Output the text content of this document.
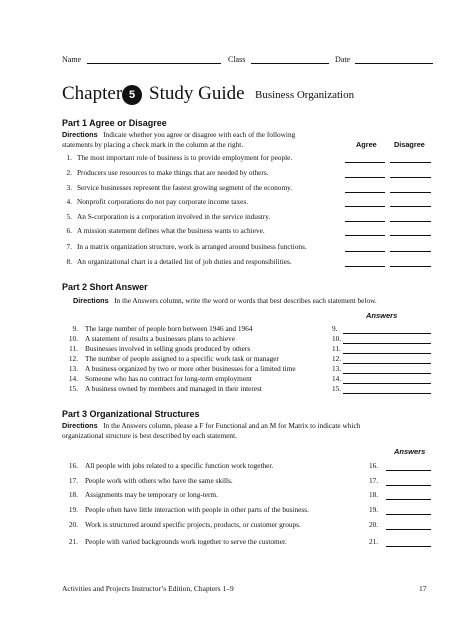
Name	Class	Date
Chapter 5 Study Guide Business Organization
Part 1 Agree or Disagree
Directions Indicate whether you agree or disagree with each of the following
statements by placing a check mark in the column at the right.	Agree Disagree
1. The most important role of business is to provide employment for people.
2. Producers use resources to make things that are needed by others.
3. Service businesses represent the fastest growing segment of the economy.
4. Nonprofit corporations do not pay corporate income taxes.
5. An S-corporation is a corporation involved in the service industry.
6. A mission statement defines what the business wants to achieve.
7. In a matrix organization structure, work is arranged around business functions.
8. An organizational chart is a detailed list of job duties and responsibilities.
Part 2 Short Answer
Directions In the Answers column, write the word or words that best describes each statement below.
Answers
9. The large number of people born between 1946 and 1964	9.
10. A statement of results a businesses plans to achieve	10.
11. Businesses involved in selling goods produced by others	11.
12. The number of people assigned to a specific work task or manager	12.
13. A business organized by two or more other businesses for a limited time	13.
14. Someone who has no contract for long-term employment	14.
15. A business owned by members and managed in their interest	15.
Part 3 Organizational Structures
Directions In the Answers column, please a F for Functional and an M for Matrix to indicate which
organizational structure is best described by each statement.
Answers
16. All people with jobs related to a specific function work together.	16.
17. People work with others who have the same skills.	17.
18. Assignments may be temporary or long-term.	18.
19. People often have little interaction with people in other parts of the business.	19.
20. Work is structured around specific projects, products, or customer groups.	20.
21. People with varied backgrounds work together to serve the customer.	21.
Activities and Projects Instructor’s Edition, Chapters 1–9	17
